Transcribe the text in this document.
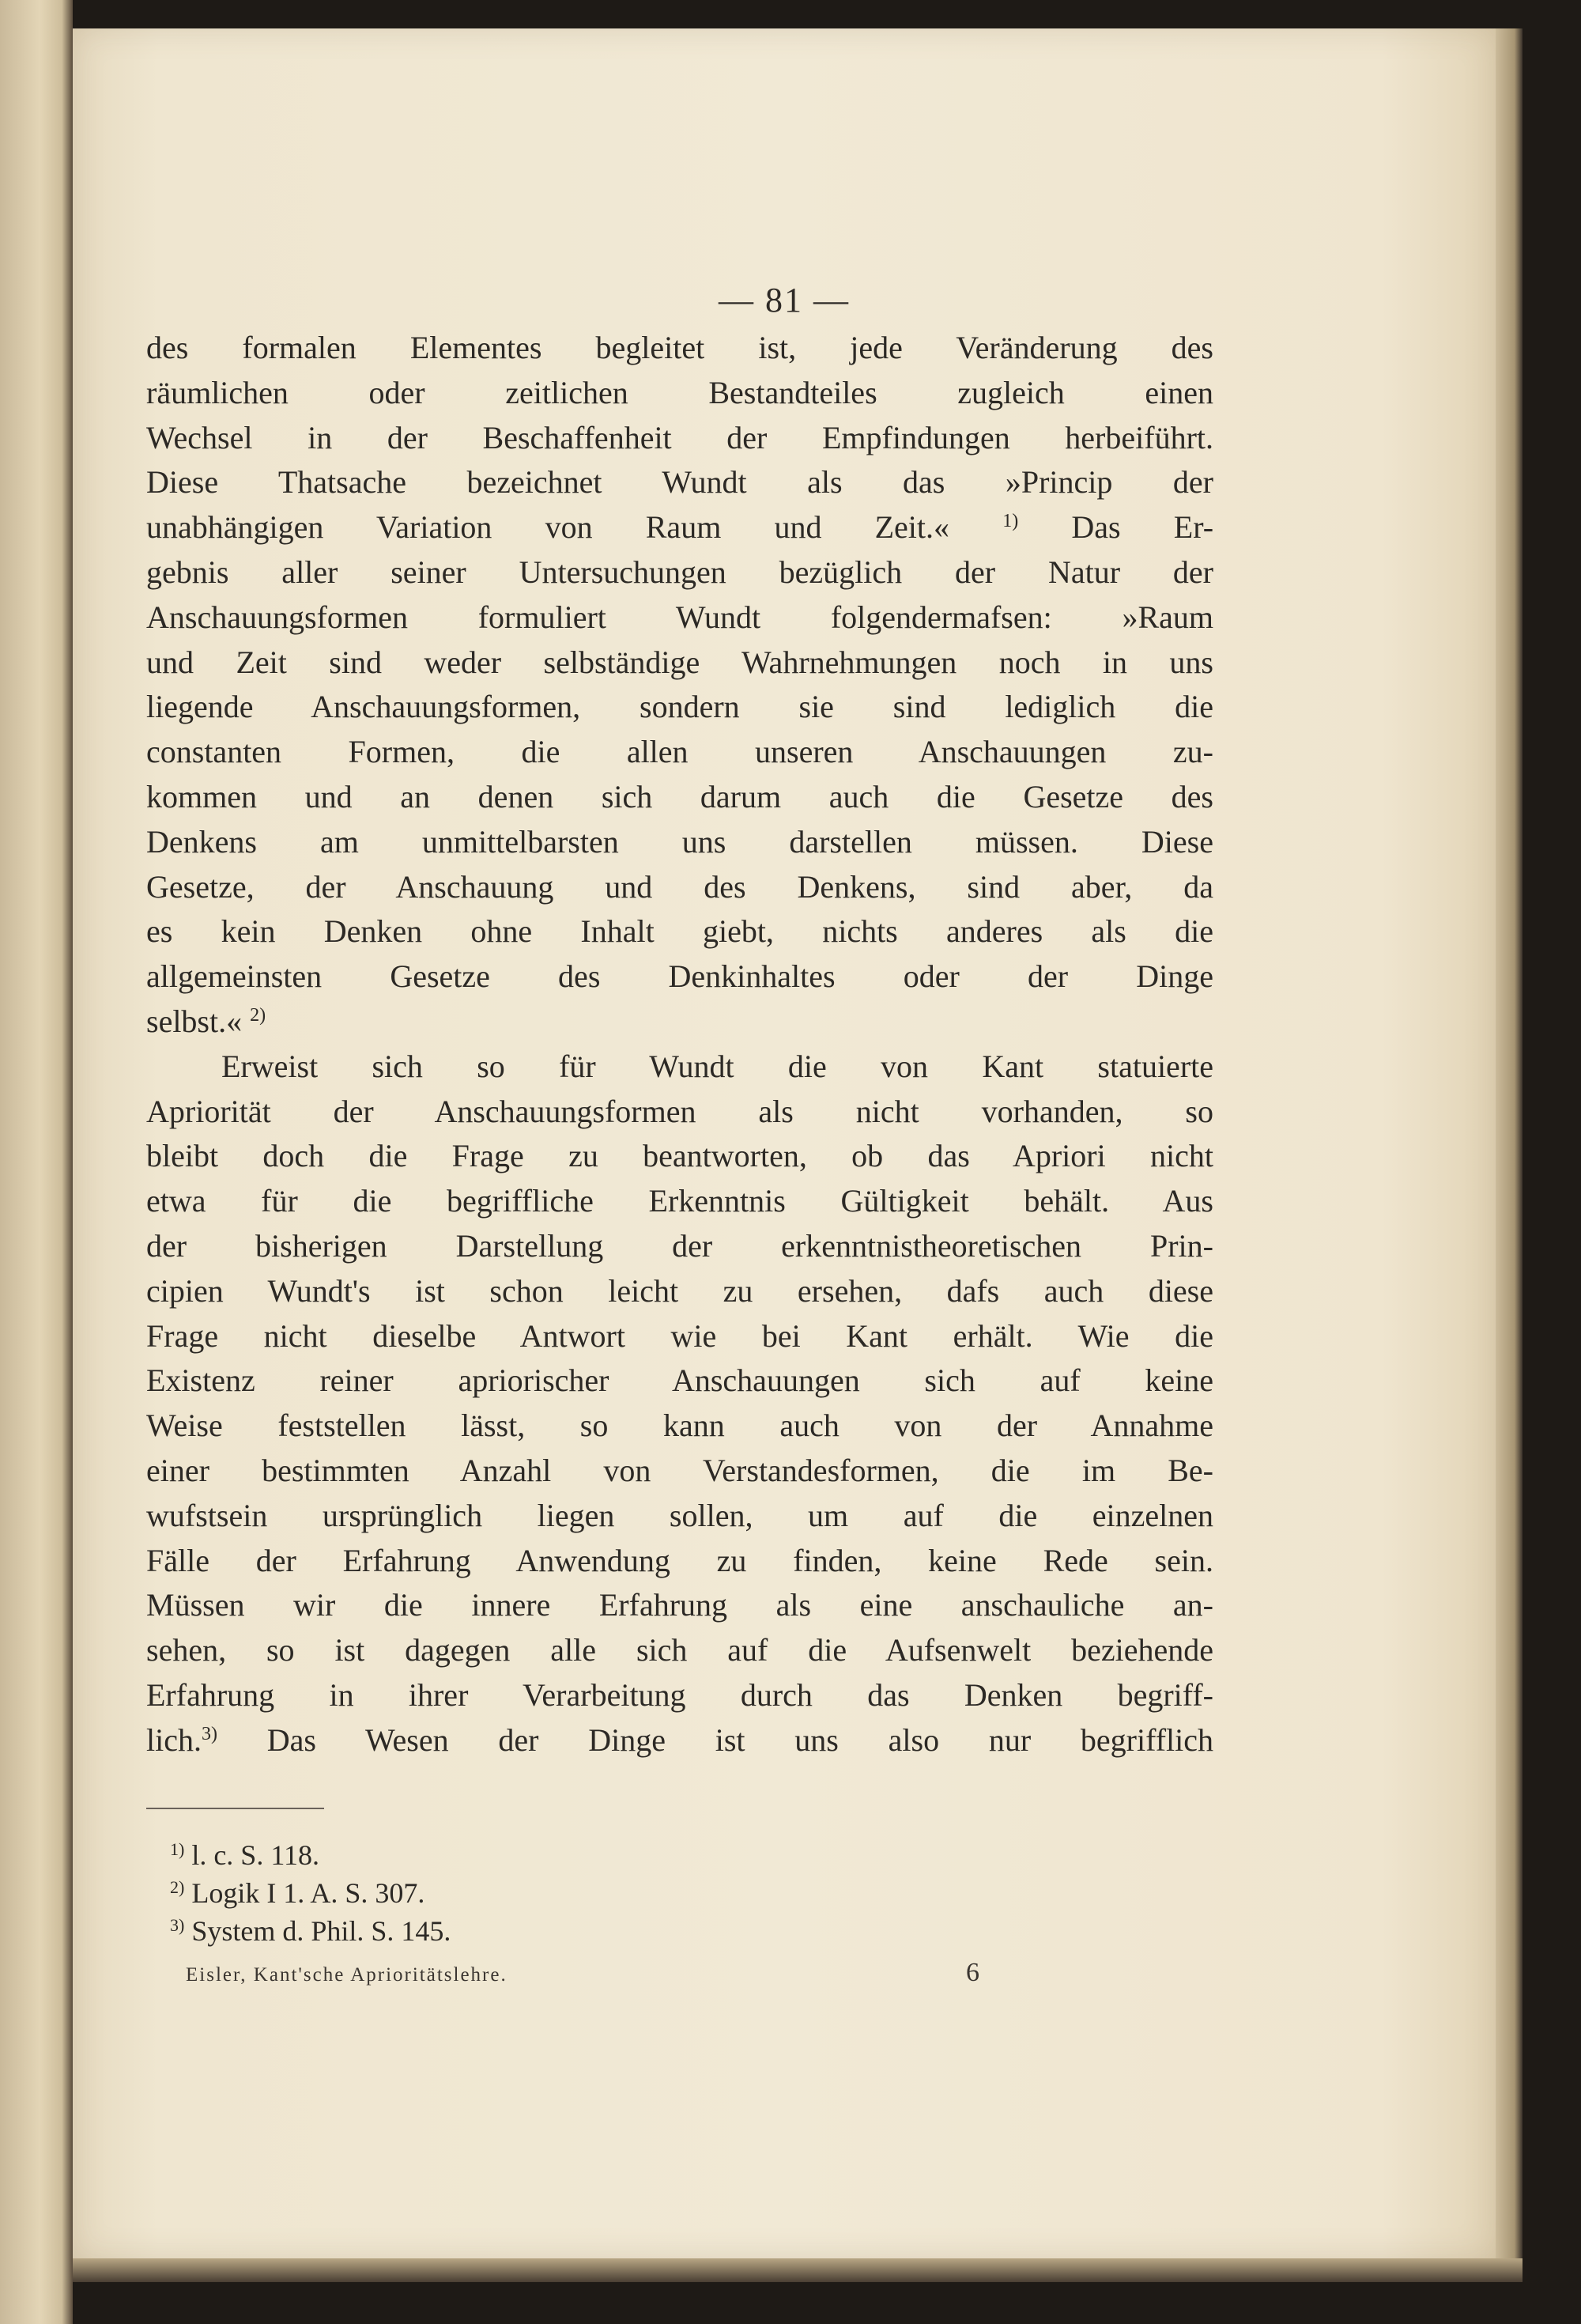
— 81 —
des formalen Elementes begleitet ist, jede Veränderung des
räumlichen oder zeitlichen Bestandteiles zugleich einen
Wechsel in der Beschaffenheit der Empfindungen herbeiführt.
Diese Thatsache bezeichnet Wundt als das »Princip der
unabhängigen Variation von Raum und Zeit.«	$^{1)}$ Das Er-
gebnis aller seiner Untersuchungen bezüglich der Natur der
Anschauungsformen formuliert Wundt folgendermafsen: »Raum
und Zeit sind weder selbständige Wahrnehmungen noch in uns
liegende Anschauungsformen, sondern sie sind lediglich die
constanten Formen, die allen unseren Anschauungen zu-
kommen und an denen sich darum auch die Gesetze des
Denkens am unmittelbarsten uns darstellen müssen. Diese
Gesetze, der Anschauung und des Denkens, sind aber, da
es kein Denken ohne Inhalt giebt, nichts anderes als die
allgemeinsten Gesetze des Denkinhaltes oder der Dinge
selbst.« $^{2)}$
Erweist sich so für Wundt die von Kant statuierte
Apriorität der Anschauungsformen als nicht vorhanden, so
bleibt doch die Frage zu beantworten, ob das Apriori nicht
etwa für die begriffliche Erkenntnis Gültigkeit behält. Aus
der bisherigen Darstellung der erkenntnistheoretischen Prin-
cipien Wundt's ist schon leicht zu ersehen, dafs auch diese
Frage nicht dieselbe Antwort wie bei Kant erhält. Wie die
Existenz reiner apriorischer Anschauungen sich auf keine
Weise feststellen lässt, so kann auch von der Annahme
einer bestimmten Anzahl von Verstandesformen, die im Be-
wufstsein ursprünglich liegen sollen, um auf die einzelnen
Fälle der Erfahrung Anwendung zu finden, keine Rede sein.
Müssen wir die innere Erfahrung als eine anschauliche an-
sehen, so ist dagegen alle sich auf die Aufsenwelt beziehende
Erfahrung in ihrer Verarbeitung durch das Denken begriff-
lich.$^{3)}$ Das Wesen der Dinge ist uns also nur begrifflich
$^{1)}$ l. c. S. 118.
$^{2)}$ Logik I 1. A. S. 307.
$^{3)}$ System d. Phil. S. 145.
Eisler, Kant'sche Aprioritätslehre.	6
